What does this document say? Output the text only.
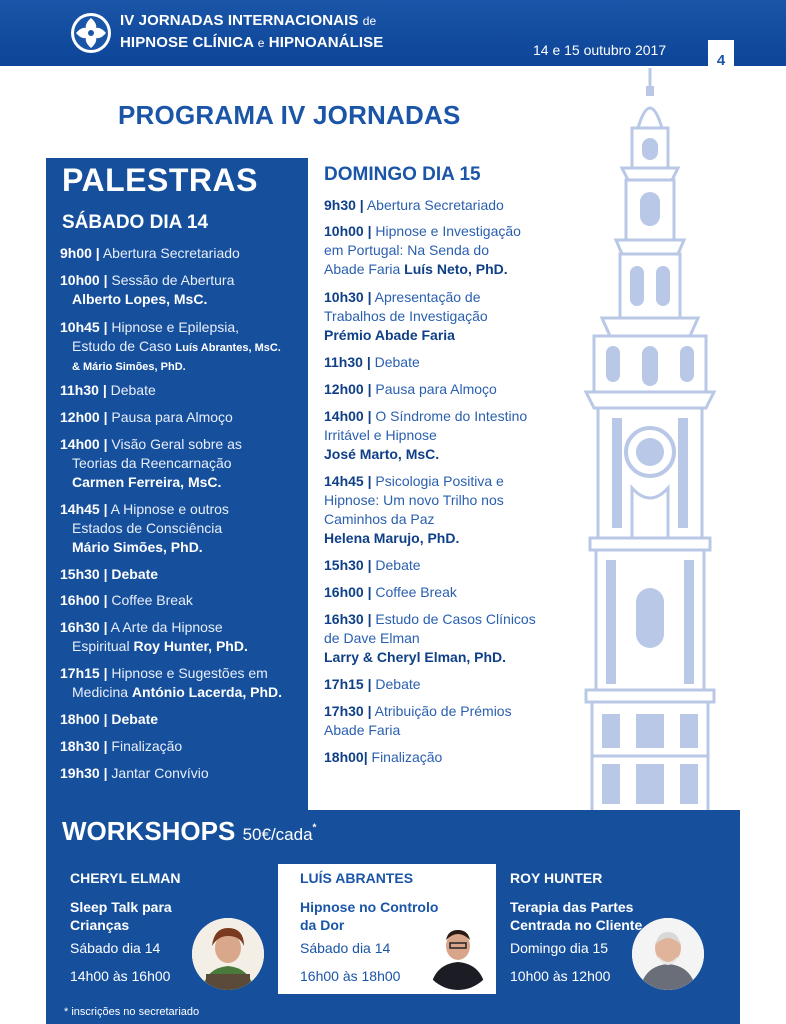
IV JORNADAS INTERNACIONAIS de
HIPNOSE CLÍNICA e HIPNOANÁLISE	14 e 15 outubro 2017
4
PROGRAMA IV JORNADAS
PALESTRAS
SÁBADO DIA 14
9h00 | Abertura Secretariado
10h00 | Sessão de Abertura
Alberto Lopes, MsC.
10h45 | Hipnose e Epilepsia,
Estudo de Caso Luís Abrantes, MsC.
& Mário Simões, PhD.
11h30 | Debate
12h00 | Pausa para Almoço
14h00 | Visão Geral sobre as
Teorias da Reencarnação
Carmen Ferreira, MsC.
14h45 | A Hipnose e outros
Estados de Consciência
Mário Simões, PhD.
15h30 | Debate
16h00 | Coffee Break
16h30 | A Arte da Hipnose
Espiritual Roy Hunter, PhD.
17h15 | Hipnose e Sugestões em
Medicina António Lacerda, PhD.
18h00 | Debate
18h30 | Finalização
19h30 | Jantar Convívio
DOMINGO DIA 15
9h30 | Abertura Secretariado
10h00 | Hipnose e Investigação
em Portugal: Na Senda do
Abade Faria Luís Neto, PhD.
10h30 | Apresentação de
Trabalhos de Investigação
Prémio Abade Faria
11h30 | Debate
12h00 | Pausa para Almoço
14h00 | O Síndrome do Intestino
Irritável e Hipnose
José Marto, MsC.
14h45 | Psicologia Positiva e
Hipnose: Um novo Trilho nos
Caminhos da Paz
Helena Marujo, PhD.
15h30 | Debate
16h00 | Coffee Break
16h30 | Estudo de Casos Clínicos
de Dave Elman
Larry & Cheryl Elman, PhD.
17h15 | Debate
17h30 | Atribuição de Prémios
Abade Faria
18h00| Finalização
WORKSHOPS 50€/cada*
CHERYL ELMAN
Sleep Talk para
Crianças
Sábado dia 14
14h00 às 16h00
LUÍS ABRANTES
Hipnose no Controlo
da Dor
Sábado dia 14
16h00 às 18h00
ROY HUNTER
Terapia das Partes
Centrada no Cliente
Domingo dia 15
10h00 às 12h00
* inscrições no secretariado
